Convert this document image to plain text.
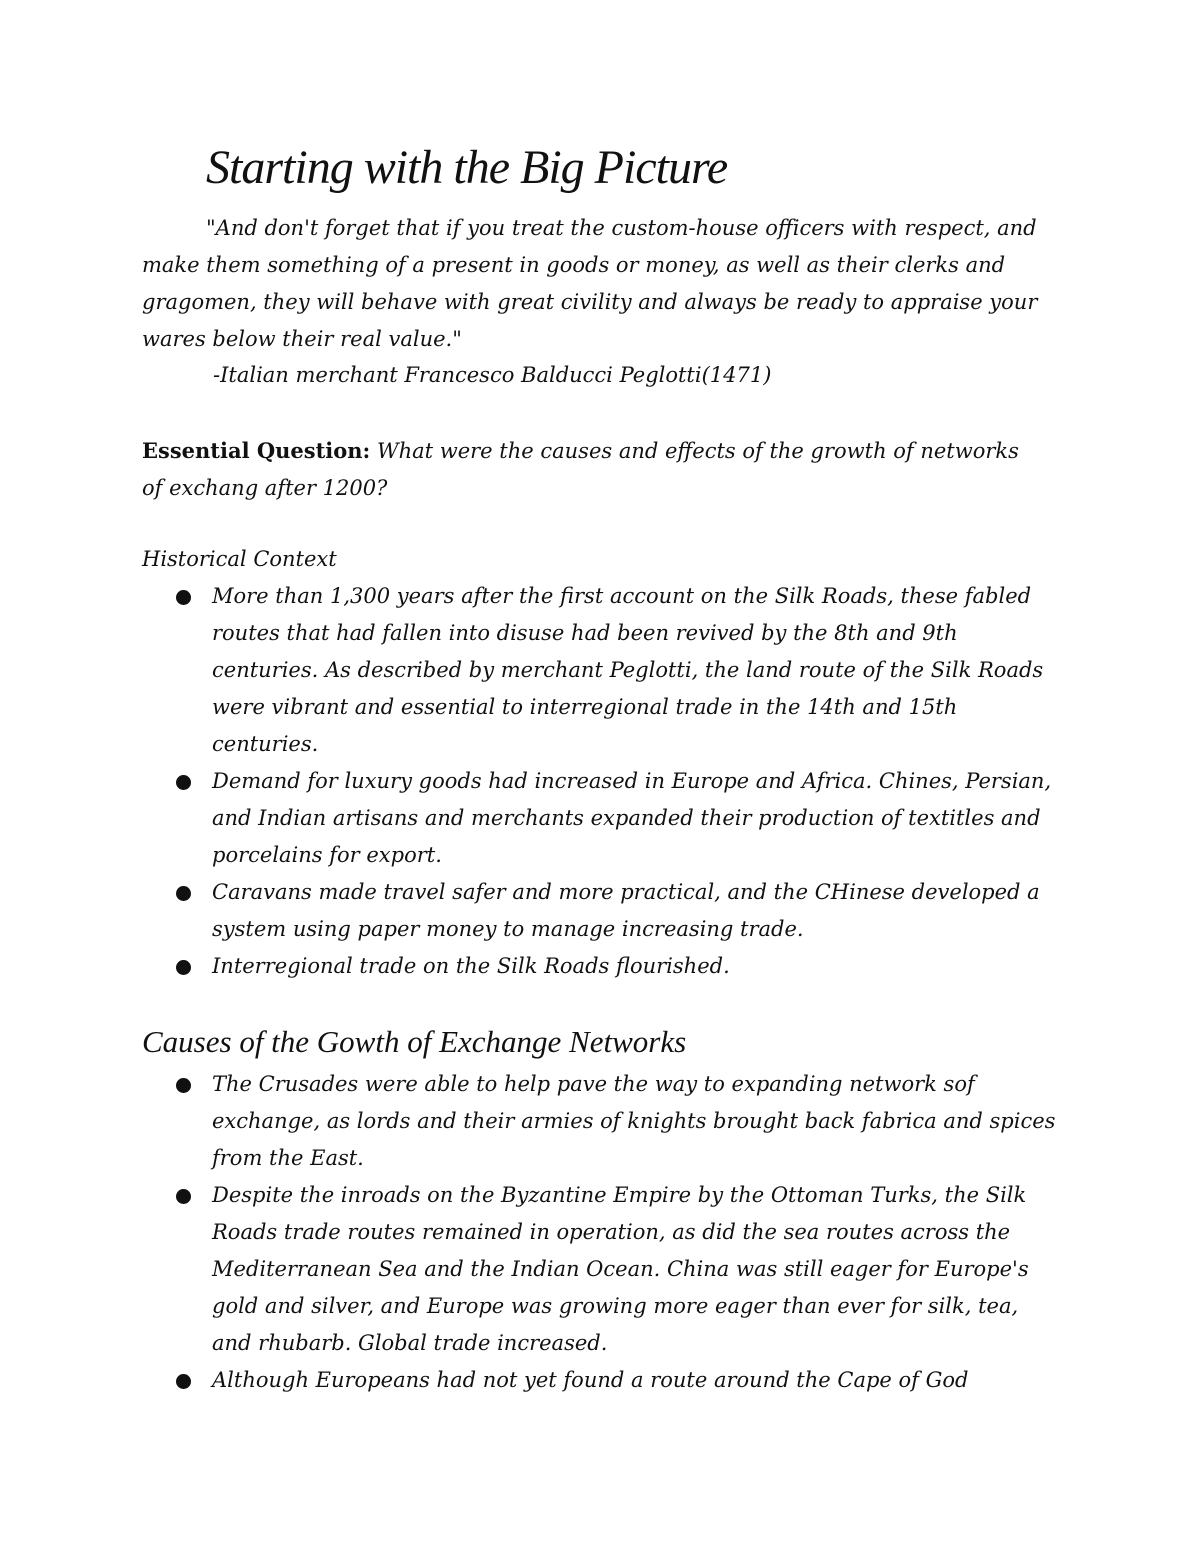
Starting with the Big Picture
"And don't forget that if you treat the custom-house officers with respect, and make them something of a present in goods or money, as well as their clerks and gragomen, they will behave with great civility and always be ready to appraise your wares below their real value."
-Italian merchant Francesco Balducci Peglotti(1471)
Essential Question: What were the causes and effects of the growth of networks of exchang after 1200?
Historical Context
More than 1,300 years after the first account on the Silk Roads, these fabled routes that had fallen into disuse had been revived by the 8th and 9th centuries. As described by merchant Peglotti, the land route of the Silk Roads were vibrant and essential to interregional trade in the 14th and 15th centuries.
Demand for luxury goods had increased in Europe and Africa. Chines, Persian, and Indian artisans and merchants expanded their production of textitles and porcelains for export.
Caravans made travel safer and more practical, and the CHinese developed a system using paper money to manage increasing trade.
Interregional trade on the Silk Roads flourished.
Causes of the Gowth of Exchange Networks
The Crusades were able to help pave the way to expanding network sof exchange, as lords and their armies of knights brought back fabrica and spices from the East.
Despite the inroads on the Byzantine Empire by the Ottoman Turks, the Silk Roads trade routes remained in operation, as did the sea routes across the Mediterranean Sea and the Indian Ocean. China was still eager for Europe's gold and silver, and Europe was growing more eager than ever for silk, tea, and rhubarb. Global trade increased.
Although Europeans had not yet found a route around the Cape of God
